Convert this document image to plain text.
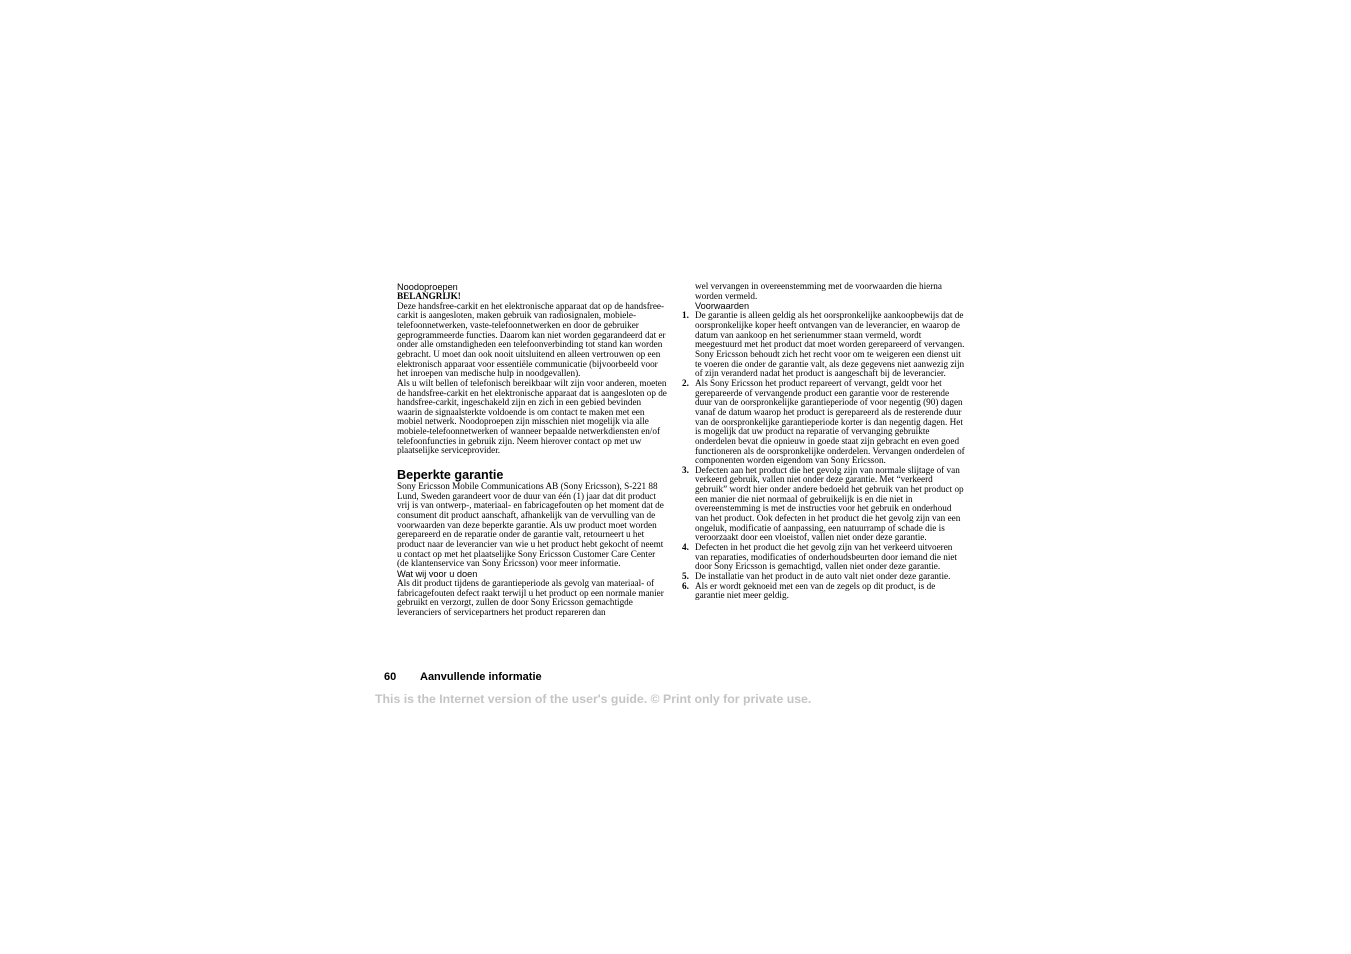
Noodoproepen

BELANGRIJK!

Deze handsfree-carkit en het elektronische apparaat dat op de handsfree-carkit is aangesloten, maken gebruik van radiosignalen, mobiele-telefoonnetwerken, vaste-telefoonnetwerken en door de gebruiker geprogrammeerde functies. Daarom kan niet worden gegarandeerd dat er onder alle omstandigheden een telefoonverbinding tot stand kan worden gebracht. U moet dan ook nooit uitsluitend en alleen vertrouwen op een elektronisch apparaat voor essentiële communicatie (bijvoorbeeld voor het inroepen van medische hulp in noodgevallen).

Als u wilt bellen of telefonisch bereikbaar wilt zijn voor anderen, moeten de handsfree-carkit en het elektronische apparaat dat is aangesloten op de handsfree-carkit, ingeschakeld zijn en zich in een gebied bevinden waarin de signaalsterkte voldoende is om contact te maken met een mobiel netwerk. Noodoproepen zijn misschien niet mogelijk via alle mobiele-telefoonnetwerken of wanneer bepaalde netwerkdiensten en/of telefoonfuncties in gebruik zijn. Neem hierover contact op met uw plaatselijke serviceprovider.

Beperkte garantie

Sony Ericsson Mobile Communications AB (Sony Ericsson), S-221 88 Lund, Sweden garandeert voor de duur van één (1) jaar dat dit product vrij is van ontwerp-, materiaal- en fabricagefouten op het moment dat de consument dit product aanschaft, afhankelijk van de vervulling van de voorwaarden van deze beperkte garantie. Als uw product moet worden gerepareerd en de reparatie onder de garantie valt, retourneert u het product naar de leverancier van wie u het product hebt gekocht of neemt u contact op met het plaatselijke Sony Ericsson Customer Care Center (de klantenservice van Sony Ericsson) voor meer informatie.

Wat wij voor u doen

Als dit product tijdens de garantieperiode als gevolg van materiaal- of fabricagefouten defect raakt terwijl u het product op een normale manier gebruikt en verzorgt, zullen de door Sony Ericsson gemachtigde leveranciers of servicepartners het product repareren dan

wel vervangen in overeenstemming met de voorwaarden die hierna worden vermeld.

Voorwaarden

1. De garantie is alleen geldig als het oorspronkelijke aankoopbewijs dat de oorspronkelijke koper heeft ontvangen van de leverancier, en waarop de datum van aankoop en het serienummer staan vermeld, wordt meegestuurd met het product dat moet worden gerepareerd of vervangen. Sony Ericsson behoudt zich het recht voor om te weigeren een dienst uit te voeren die onder de garantie valt, als deze gegevens niet aanwezig zijn of zijn veranderd nadat het product is aangeschaft bij de leverancier.
2. Als Sony Ericsson het product repareert of vervangt, geldt voor het gerepareerde of vervangende product een garantie voor de resterende duur van de oorspronkelijke garantieperiode of voor negentig (90) dagen vanaf de datum waarop het product is gerepareerd als de resterende duur van de oorspronkelijke garantieperiode korter is dan negentig dagen. Het is mogelijk dat uw product na reparatie of vervanging gebruikte onderdelen bevat die opnieuw in goede staat zijn gebracht en even goed functioneren als de oorspronkelijke onderdelen. Vervangen onderdelen of componenten worden eigendom van Sony Ericsson.
3. Defecten aan het product die het gevolg zijn van normale slijtage of van verkeerd gebruik, vallen niet onder deze garantie. Met “verkeerd gebruik” wordt hier onder andere bedoeld het gebruik van het product op een manier die niet normaal of gebruikelijk is en die niet in overeenstemming is met de instructies voor het gebruik en onderhoud van het product. Ook defecten in het product die het gevolg zijn van een ongeluk, modificatie of aanpassing, een natuurramp of schade die is veroorzaakt door een vloeistof, vallen niet onder deze garantie.
4. Defecten in het product die het gevolg zijn van het verkeerd uitvoeren van reparaties, modificaties of onderhoudsbeurten door iemand die niet door Sony Ericsson is gemachtigd, vallen niet onder deze garantie.
5. De installatie van het product in de auto valt niet onder deze garantie.
6. Als er wordt geknoeid met een van de zegels op dit product, is de garantie niet meer geldig.
60 Aanvullende informatie
This is the Internet version of the user's guide. © Print only for private use.
